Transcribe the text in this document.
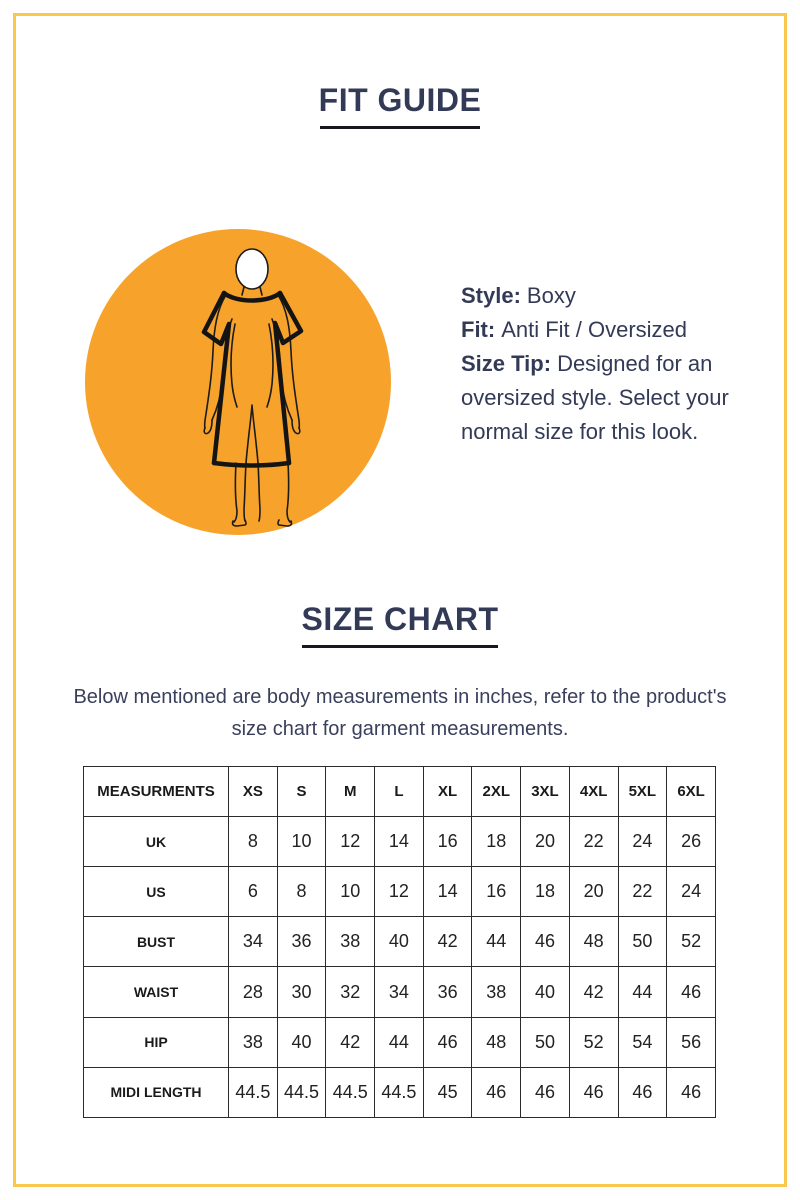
FIT GUIDE
Style: Boxy
Fit: Anti Fit / Oversized
Size Tip: Designed for an oversized style. Select your normal size for this look.
SIZE CHART

Below mentioned are body measurements in inches, refer to the product's size chart for garment measurements.

MEASURMENTS	XS	S	M	L	XL	2XL	3XL	4XL	5XL	6XL
UK	8	10	12	14	16	18	20	22	24	26
US	6	8	10	12	14	16	18	20	22	24
BUST	34	36	38	40	42	44	46	48	50	52
WAIST	28	30	32	34	36	38	40	42	44	46
HIP	38	40	42	44	46	48	50	52	54	56
MIDI LENGTH	44.5	44.5	44.5	44.5	45	46	46	46	46	46
